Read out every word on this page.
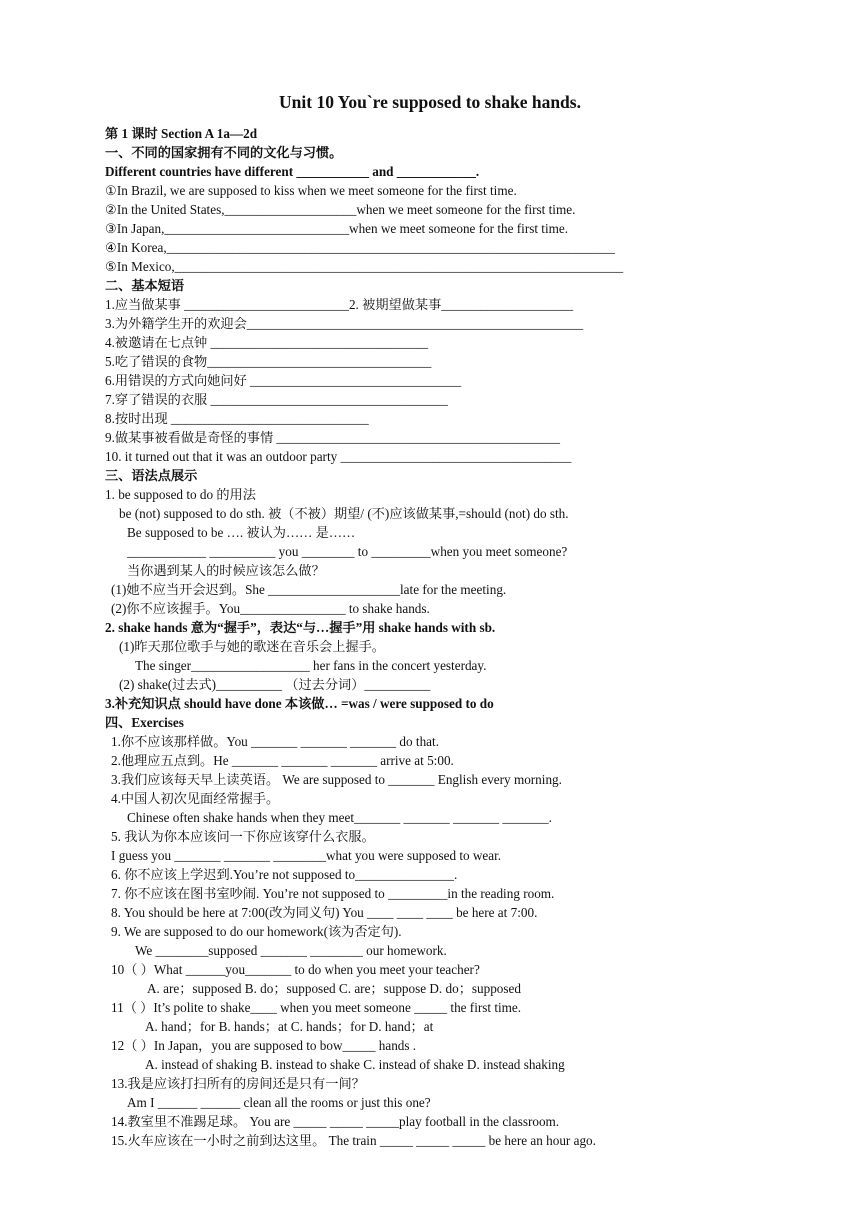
Unit 10 You`re supposed to shake hands.
第 1 课时 Section A 1a—2d
一、不同的国家拥有不同的文化与习惯。
Different countries have different ___________ and ____________.
①In Brazil, we are supposed to kiss when we meet someone for the first time.
②In the United States,____________________when we meet someone for the first time.
③In Japan,____________________________when we meet someone for the first time.
④In Korea,____________________________________________________________________
⑤In Mexico,____________________________________________________________________
二、基本短语
1.应当做某事 _________________________2. 被期望做某事____________________
3.为外籍学生开的欢迎会___________________________________________________
4.被邀请在七点钟 _________________________________
5.吃了错误的食物__________________________________
6.用错误的方式向她问好 ________________________________
7.穿了错误的衣服 ____________________________________
8.按时出现 ______________________________
9.做某事被看做是奇怪的事情 ___________________________________________
10. it turned out that it was an outdoor party ___________________________________
三、语法点展示
1. be supposed to do 的用法
be (not) supposed to do sth. 被（不被）期望/ (不)应该做某事,=should (not) do sth.
Be supposed to be …. 被认为…… 是……
____________ __________ you ________ to _________when you meet someone?
当你遇到某人的时候应该怎么做？
(1)她不应当开会迟到。She ____________________late for the meeting.
(2)你不应该握手。You________________ to shake hands.
2. shake hands 意为“握手”，表达“与…握手”用 shake hands with sb.
(1)昨天那位歌手与她的歌迷在音乐会上握手。
The singer__________________ her fans in the concert yesterday.
(2) shake(过去式)__________ （过去分词）__________
3.补充知识点 should have done 本该做… =was / were supposed to do
四、Exercises
1.你不应该那样做。You _______ _______ _______ do that.
2.他理应五点到。He _______ _______ _______ arrive at 5:00.
3.我们应该每天早上读英语。 We are supposed to _______ English every morning.
4.中国人初次见面经常握手。
Chinese often shake hands when they meet_______ _______ _______ _______.
5. 我认为你本应该问一下你应该穿什么衣服。
I guess you _______ _______ ________what you were supposed to wear.
6. 你不应该上学迟到.You’re not supposed to_______________.
7. 你不应该在图书室吵闹. You’re not supposed to _________in the reading room.
8. You should be here at 7:00(改为同义句) You ____ ____ ____ be here at 7:00.
9. We are supposed to do our homework(该为否定句).
We ________supposed _______ ________ our homework.
10（ ）What ______you_______ to do when you meet your teacher?
A. are；supposed B. do；supposed C. are；suppose D. do；supposed
11（ ）It’s polite to shake____ when you meet someone _____ the first time.
A. hand；for B. hands；at C. hands；for D. hand；at
12（ ）In Japan，you are supposed to bow_____ hands .
A. instead of shaking B. instead to shake C. instead of shake D. instead shaking
13.我是应该打扫所有的房间还是只有一间？
Am I ______ ______ clean all the rooms or just this one?
14.教室里不准踢足球。 You are _____ _____ _____play football in the classroom.
15.火车应该在一小时之前到达这里。 The train _____ _____ _____ be here an hour ago.
